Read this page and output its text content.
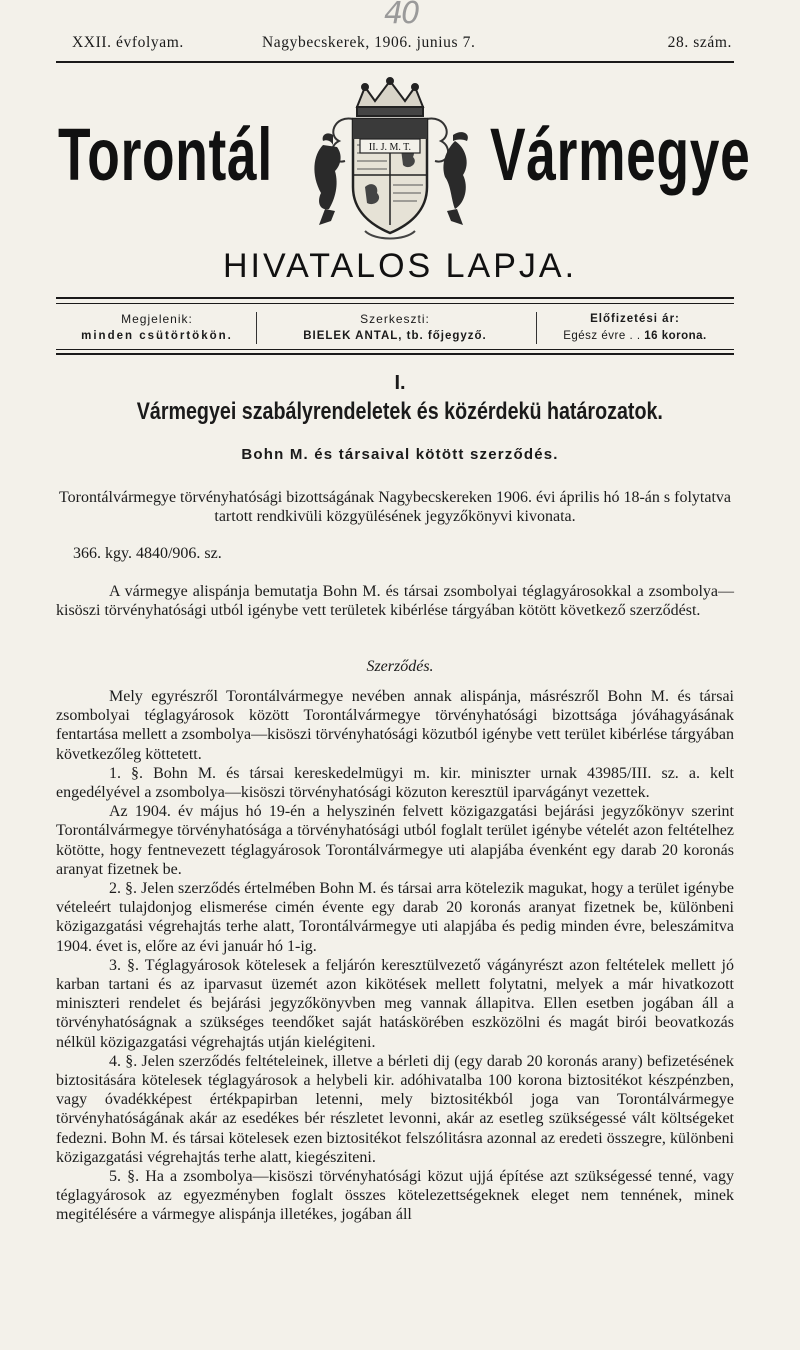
40
XXII. évfolyam.	Nagybecskerek, 1906. junius 7.	28. szám.
Torontál	Vármegye
II. J. M. T.
HIVATALOS LAPJA.
Megjelenik:
minden csütörtökön.
Szerkeszti:
BIELEK ANTAL, tb. főjegyző.
Előfizetési ár:
Egész évre . . 16 korona.
I.
Vármegyei szabályrendeletek és közérdekü határozatok.
Bohn M. és társaival kötött szerződés.
Torontálvármegye törvényhatósági bizottságának Nagybecskereken 1906. évi április hó 18-án s folytatva tartott rendkivüli közgyülésének jegyzőkönyvi kivonata.
366. kgy. 4840/906. sz.
A vármegye alispánja bemutatja Bohn M. és társai zsombolyai téglagyárosokkal a zsombolya—kisöszi törvényhatósági utból igénybe vett területek kibérlése tárgyában kötött következő szerződést.
Szerződés.

Mely egyrészről Torontálvármegye nevében annak alispánja, másrészről Bohn M. és társai zsombolyai téglagyárosok között Torontálvármegye törvényhatósági bizottsága jóváhagyásának fentartása mellett a zsombolya—kisöszi törvényhatósági közutból igénybe vett terület kibérlése tárgyában következőleg köttetett.

1. §. Bohn M. és társai kereskedelmügyi m. kir. miniszter urnak 43985/III. sz. a. kelt engedélyével a zsombolya—kisöszi törvényhatósági közuton keresztül iparvágányt vezettek.

Az 1904. év május hó 19-én a helyszinén felvett közigazgatási bejárási jegyzőkönyv szerint Torontálvármegye törvényhatósága a törvényhatósági utból foglalt terület igénybe vételét azon feltételhez kötötte, hogy fentnevezett téglagyárosok Torontálvármegye uti alapjába évenként egy darab 20 koronás aranyat fizetnek be.

2. §. Jelen szerződés értelmében Bohn M. és társai arra kötelezik magukat, hogy a terület igénybe vételeért tulajdonjog elismerése cimén évente egy darab 20 koronás aranyat fizetnek be, különbeni közigazgatási végrehajtás terhe alatt, Torontálvármegye uti alapjába és pedig minden évre, beleszámitva 1904. évet is, előre az évi január hó 1-ig.

3. §. Téglagyárosok kötelesek a feljárón keresztülvezető vágányrészt azon feltételek mellett jó karban tartani és az iparvasut üzemét azon kikötések mellett folytatni, melyek a már hivatkozott miniszteri rendelet és bejárási jegyzőkönyvben meg vannak állapitva. Ellen esetben jogában áll a törvényhatóságnak a szükséges teendőket saját hatáskörében eszközölni és magát birói beovatkozás nélkül közigazgatási végrehajtás utján kielégiteni.

4. §. Jelen szerződés feltételeinek, illetve a bérleti dij (egy darab 20 koronás arany) befizetésének biztositására kötelesek téglagyárosok a helybeli kir. adóhivatalba 100 korona biztositékot készpénzben, vagy óvadékképest értékpapirban letenni, mely biztositékból joga van Torontálvármegye törvényhatóságának akár az esedékes bér részletet levonni, akár az esetleg szükségessé vált költségeket fedezni. Bohn M. és társai kötelesek ezen biztositékot felszólitásra azonnal az eredeti összegre, különbeni közigazgatási végrehajtás terhe alatt, kiegésziteni.

5. §. Ha a zsombolya—kisöszi törvényhatósági közut ujjá építése azt szükségessé tenné, vagy téglagyárosok az egyezményben foglalt összes kötelezettségeknek eleget nem tennének, minek megitélésére a vármegye alispánja illetékes, jogában áll
